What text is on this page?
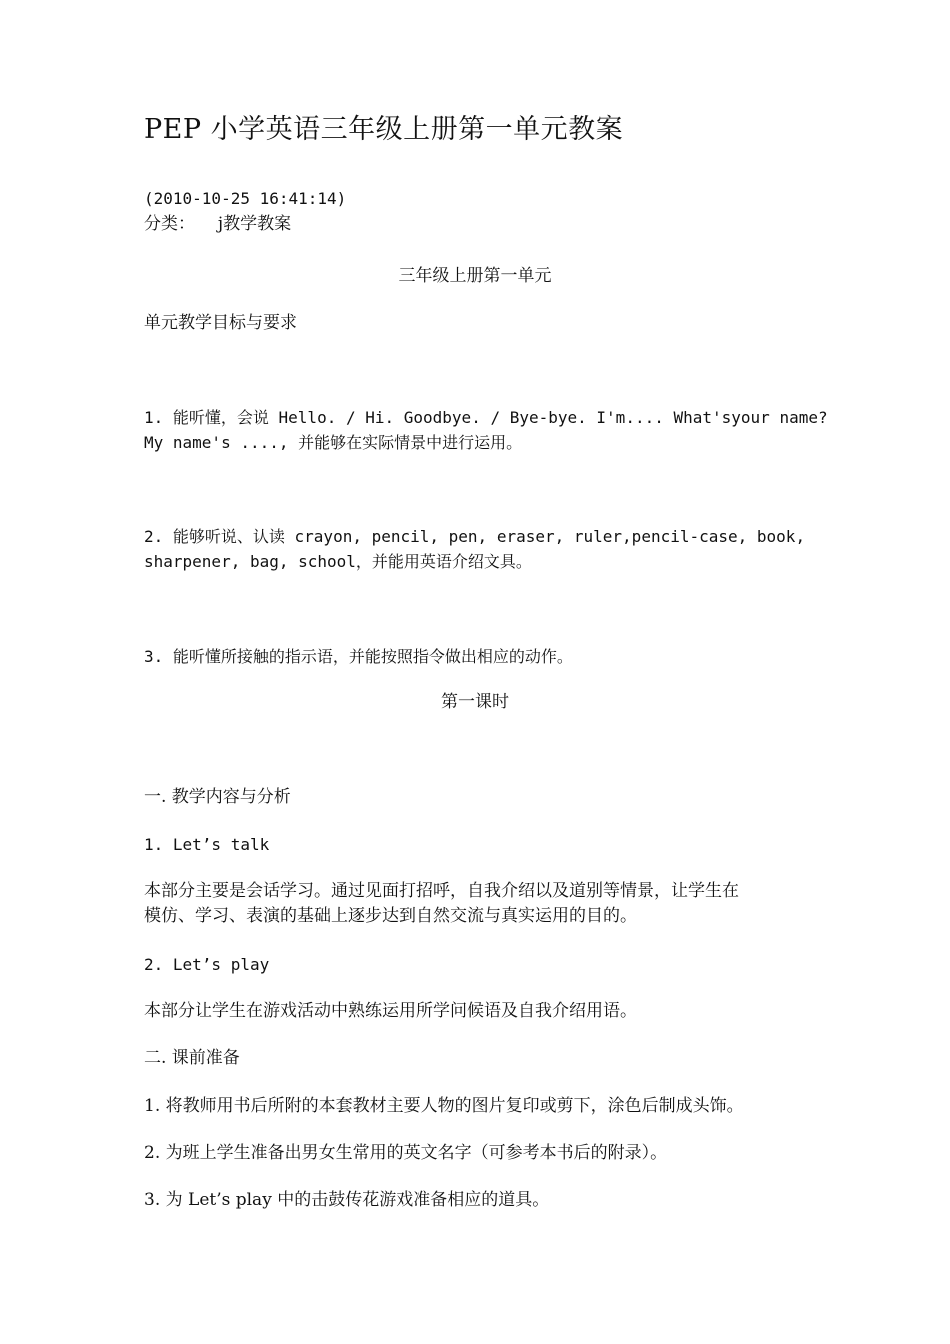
PEP 小学英语三年级上册第一单元教案
(2010-10-25 16:41:14)
分类： j教学教案
三年级上册第一单元
单元教学目标与要求
1. 能听懂，会说 Hello. / Hi. Goodbye. / Bye-bye. I'm.... What'syour name?
My name's ...., 并能够在实际情景中进行运用。
2. 能够听说、认读 crayon, pencil, pen, eraser, ruler,pencil-case, book,
sharpener, bag, school，并能用英语介绍文具。
3. 能听懂所接触的指示语，并能按照指令做出相应的动作。
第一课时
一. 教学内容与分析
1. Let’s talk
本部分主要是会话学习。通过见面打招呼，自我介绍以及道别等情景，让学生在
模仿、学习、表演的基础上逐步达到自然交流与真实运用的目的。
2. Let’s play
本部分让学生在游戏活动中熟练运用所学问候语及自我介绍用语。
二. 课前准备
1. 将教师用书后所附的本套教材主要人物的图片复印或剪下，涂色后制成头饰。
2. 为班上学生准备出男女生常用的英文名字（可参考本书后的附录）。
3. 为 Let’s play 中的击鼓传花游戏准备相应的道具。
